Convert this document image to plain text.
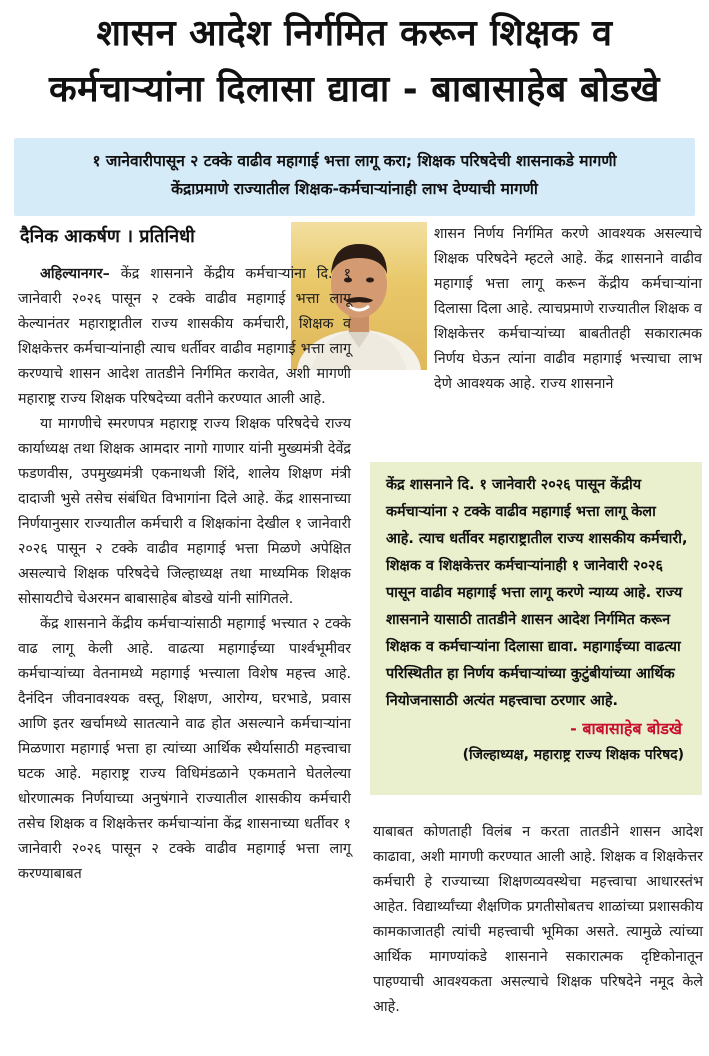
शासन आदेश निर्गमित करून शिक्षक व
कर्मचाऱ्यांना दिलासा द्यावा - बाबासाहेब बोडखे
१ जानेवारीपासून २ टक्के वाढीव महागाई भत्ता लागू करा; शिक्षक परिषदेची शासनाकडे मागणी
केंद्राप्रमाणे राज्यातील शिक्षक-कर्मचाऱ्यांनाही लाभ देण्याची मागणी
दैनिक आकर्षण । प्रतिनिधी

अहिल्यानगर– केंद्र शासनाने केंद्रीय कर्मचाऱ्यांना दि. १ जानेवारी २०२६ पासून २ टक्के वाढीव महागाई भत्ता लागू केल्यानंतर महाराष्ट्रातील राज्य शासकीय कर्मचारी, शिक्षक व शिक्षकेत्तर कर्मचाऱ्यांनाही त्याच धर्तीवर वाढीव महागाई भत्ता लागू करण्याचे शासन आदेश तातडीने निर्गमित करावेत, अशी मागणी महाराष्ट्र राज्य शिक्षक परिषदेच्या वतीने करण्यात आली आहे.

या मागणीचे स्मरणपत्र महाराष्ट्र राज्य शिक्षक परिषदेचे राज्य कार्याध्यक्ष तथा शिक्षक आमदार नागो गाणार यांनी मुख्यमंत्री देवेंद्र फडणवीस, उपमुख्यमंत्री एकनाथजी शिंदे, शालेय शिक्षण मंत्री दादाजी भुसे तसेच संबंधित विभागांना दिले आहे. केंद्र शासनाच्या निर्णयानुसार राज्यातील कर्मचारी व शिक्षकांना देखील १ जानेवारी २०२६ पासून २ टक्के वाढीव महागाई भत्ता मिळणे अपेक्षित असल्याचे शिक्षक परिषदेचे जिल्हाध्यक्ष तथा माध्यमिक शिक्षक सोसायटीचे चेअरमन बाबासाहेब बोडखे यांनी सांगितले.

केंद्र शासनाने केंद्रीय कर्मचाऱ्यांसाठी महागाई भत्त्यात २ टक्के वाढ लागू केली आहे. वाढत्या महागाईच्या पार्श्वभूमीवर कर्मचाऱ्यांच्या वेतनामध्ये महागाई भत्त्याला विशेष महत्त्व आहे. दैनंदिन जीवनावश्यक वस्तू, शिक्षण, आरोग्य, घरभाडे, प्रवास आणि इतर खर्चामध्ये सातत्याने वाढ होत असल्याने कर्मचाऱ्यांना मिळणारा महागाई भत्ता हा त्यांच्या आर्थिक स्थैर्यासाठी महत्त्वाचा घटक आहे. महाराष्ट्र राज्य विधिमंडळाने एकमताने घेतलेल्या धोरणात्मक निर्णयाच्या अनुषंगाने राज्यातील शासकीय कर्मचारी तसेच शिक्षक व शिक्षकेत्तर कर्मचाऱ्यांना केंद्र शासनाच्या धर्तीवर १ जानेवारी २०२६ पासून २ टक्के वाढीव महागाई भत्ता लागू करण्याबाबत

शासन निर्णय निर्गमित करणे आवश्यक असल्याचे शिक्षक परिषदेने म्हटले आहे. केंद्र शासनाने वाढीव महागाई भत्ता लागू करून केंद्रीय कर्मचाऱ्यांना दिलासा दिला आहे. त्याचप्रमाणे राज्यातील शिक्षक व शिक्षकेत्तर कर्मचाऱ्यांच्या बाबतीतही सकारात्मक निर्णय घेऊन त्यांना वाढीव महागाई भत्त्याचा लाभ देणे आवश्यक आहे. राज्य शासनाने

केंद्र शासनाने दि. १ जानेवारी २०२६ पासून केंद्रीय कर्मचाऱ्यांना २ टक्के वाढीव महागाई भत्ता लागू केला आहे. त्याच धर्तीवर महाराष्ट्रातील राज्य शासकीय कर्मचारी, शिक्षक व शिक्षकेत्तर कर्मचाऱ्यांनाही १ जानेवारी २०२६ पासून वाढीव महागाई भत्ता लागू करणे न्याय्य आहे. राज्य शासनाने यासाठी तातडीने शासन आदेश निर्गमित करून शिक्षक व कर्मचाऱ्यांना दिलासा द्यावा. महागाईच्या वाढत्या परिस्थितीत हा निर्णय कर्मचाऱ्यांच्या कुटुंबीयांच्या आर्थिक नियोजनासाठी अत्यंत महत्त्वाचा ठरणार आहे.
- बाबासाहेब बोडखे
(जिल्हाध्यक्ष, महाराष्ट्र राज्य शिक्षक परिषद)

याबाबत कोणताही विलंब न करता तातडीने शासन आदेश काढावा, अशी मागणी करण्यात आली आहे. शिक्षक व शिक्षकेत्तर कर्मचारी हे राज्याच्या शिक्षणव्यवस्थेचा महत्त्वाचा आधारस्तंभ आहेत. विद्यार्थ्यांच्या शैक्षणिक प्रगतीसोबतच शाळांच्या प्रशासकीय कामकाजातही त्यांची महत्त्वाची भूमिका असते. त्यामुळे त्यांच्या आर्थिक मागण्यांकडे शासनाने सकारात्मक दृष्टिकोनातून पाहण्याची आवश्यकता असल्याचे शिक्षक परिषदेने नमूद केले आहे.
